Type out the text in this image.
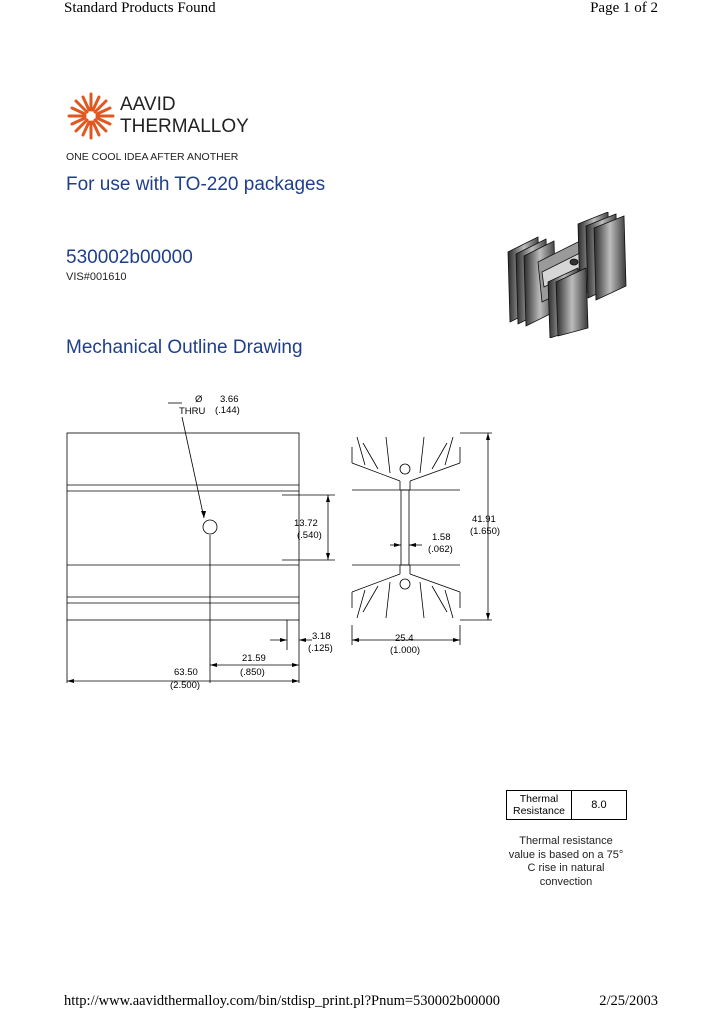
Standard Products Found	Page 1 of 2
AAVID
THERMALLOY
ONE COOL IDEA AFTER ANOTHER
For use with TO-220 packages
530002b00000
VIS#001610
Mechanical Outline Drawing
Ø
THRU
3.66
(.144)
13.72
(.540)
41.91
(1.650)
1.58
(.062)
25.4
(1.000)
3.18
(.125)
21.59
(.850)
63.50
(2.500)
Thermal
Resistance	8.0
Thermal resistance
value is based on a 75°
C rise in natural
convection
http://www.aavidthermalloy.com/bin/stdisp_print.pl?Pnum=530002b00000	2/25/2003
